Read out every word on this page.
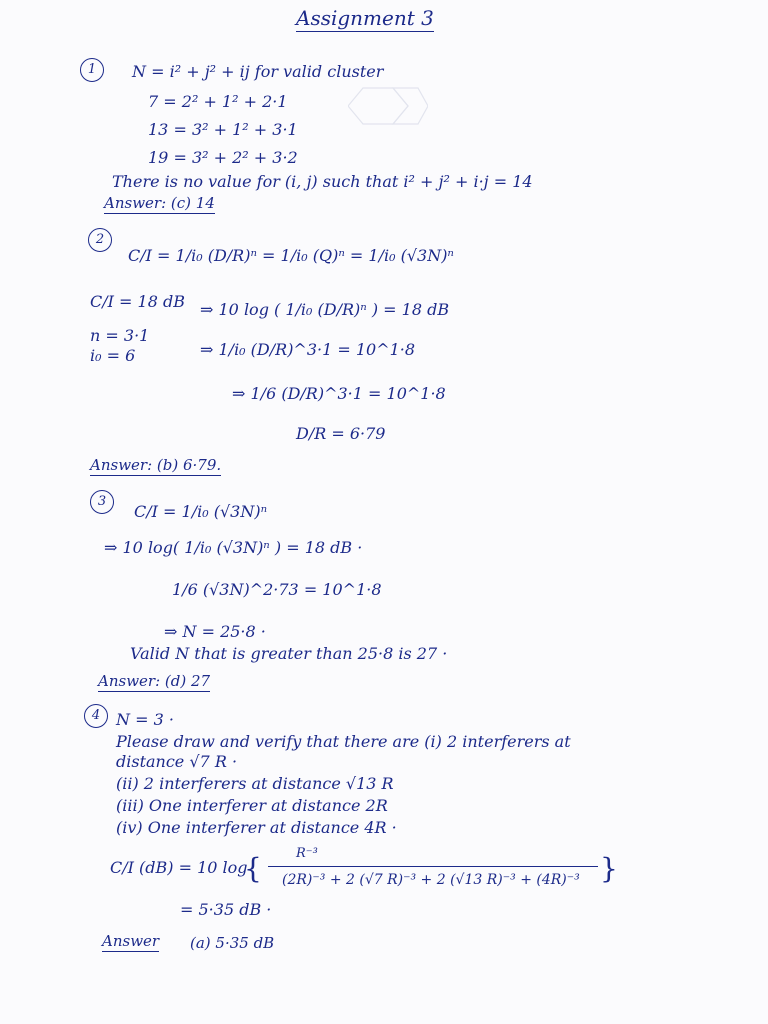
Assignment 3
1	N = i² + j² + ij for valid cluster
7 = 2² + 1² + 2·1
13 = 3² + 1² + 3·1
19 = 3² + 2² + 3·2
There is no value for (i, j) such that i² + j² + i·j = 14
Answer: (c) 14
2
C/I = 1/i₀ (D/R)ⁿ = 1/i₀ (Q)ⁿ = 1/i₀ (√3N)ⁿ
C/I = 18 dB
n = 3·1
i₀ = 6
⇒ 10 log ( 1/i₀ (D/R)ⁿ ) = 18 dB
⇒ 1/i₀ (D/R)^3·1 = 10^1·8
⇒ 1/6 (D/R)^3·1 = 10^1·8
D/R = 6·79
Answer: (b) 6·79.
3
C/I = 1/i₀ (√3N)ⁿ
⇒ 10 log( 1/i₀ (√3N)ⁿ ) = 18 dB ·
1/6 (√3N)^2·73 = 10^1·8
⇒ N = 25·8 ·
Valid N that is greater than 25·8 is 27 ·
Answer: (d) 27
4 N = 3 ·
Please draw and verify that there are (i) 2 interferers at
distance √7 R ·
(ii) 2 interferers at distance √13 R
(iii) One interferer at distance 2R
(iv) One interferer at distance 4R ·
C/I (dB) = 10 log
{	R⁻³
(2R)⁻³ + 2 (√7 R)⁻³ + 2 (√13 R)⁻³ + (4R)⁻³ }
= 5·35 dB ·
Answer (a) 5·35 dB
